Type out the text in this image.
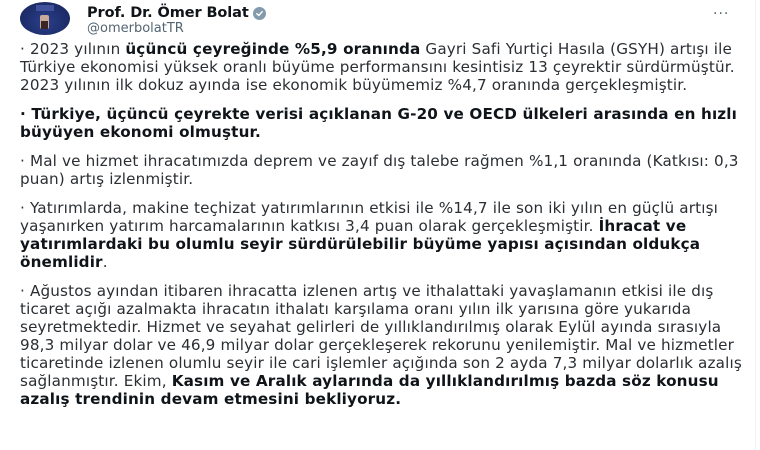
Prof. Dr. Ömer Bolat
@omerbolatTR
···

· 2023 yılının üçüncü çeyreğinde %5,9 oranında Gayri Safi Yurtiçi Hasıla (GSYH) artışı ile Türkiye ekonomisi yüksek oranlı büyüme performansını kesintisiz 13 çeyrektir sürdürmüştür. 2023 yılının ilk dokuz ayında ise ekonomik büyümemiz %4,7 oranında gerçekleşmiştir.

· Türkiye, üçüncü çeyrekte verisi açıklanan G-20 ve OECD ülkeleri arasında en hızlı büyüyen ekonomi olmuştur.

· Mal ve hizmet ihracatımızda deprem ve zayıf dış talebe rağmen %1,1 oranında (Katkısı: 0,3 puan) artış izlenmiştir.

· Yatırımlarda, makine teçhizat yatırımlarının etkisi ile %14,7 ile son iki yılın en güçlü artışı yaşanırken yatırım harcamalarının katkısı 3,4 puan olarak gerçekleşmiştir. İhracat ve yatırımlardaki bu olumlu seyir sürdürülebilir büyüme yapısı açısından oldukça önemlidir.

· Ağustos ayından itibaren ihracatta izlenen artış ve ithalattaki yavaşlamanın etkisi ile dış ticaret açığı azalmakta ihracatın ithalatı karşılama oranı yılın ilk yarısına göre yukarıda seyretmektedir. Hizmet ve seyahat gelirleri de yıllıklandırılmış olarak Eylül ayında sırasıyla 98,3 milyar dolar ve 46,9 milyar dolar gerçekleşerek rekorunu yenilemiştir. Mal ve hizmetler ticaretinde izlenen olumlu seyir ile cari işlemler açığında son 2 ayda 7,3 milyar dolarlık azalış sağlanmıştır. Ekim, Kasım ve Aralık aylarında da yıllıklandırılmış bazda söz konusu azalış trendinin devam etmesini bekliyoruz.
